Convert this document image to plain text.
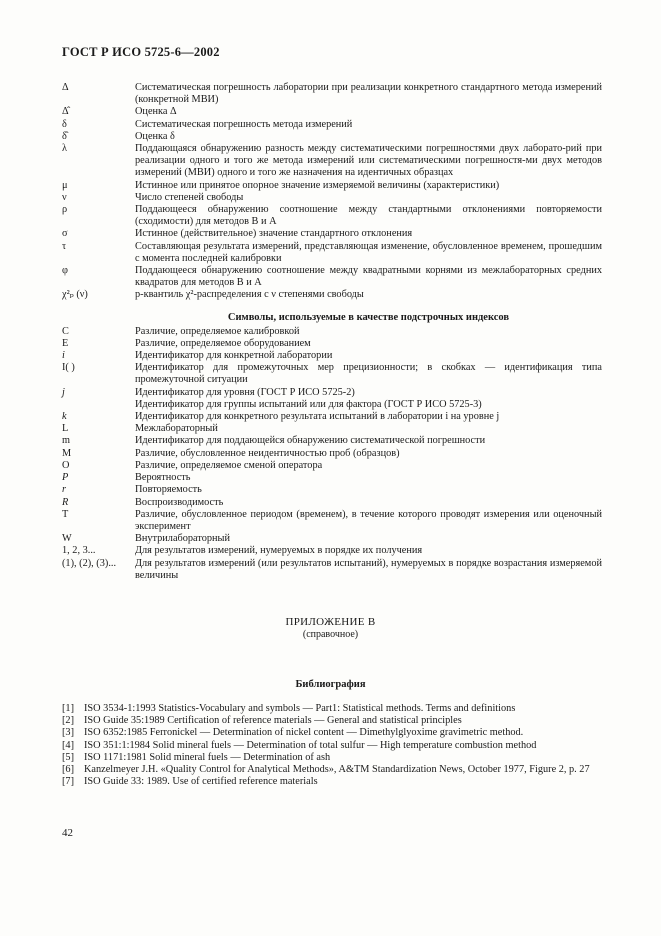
ГОСТ Р ИСО 5725-6—2002
Δ	Систематическая погрешность лаборатории при реализации конкретного стандартного метода измерений (конкретной МВИ)
Δ̂	Оценка Δ
δ	Систематическая погрешность метода измерений
δ̂	Оценка δ
λ	Поддающаяся обнаружению разность между систематическими погрешностями двух лаборато-рий при реализации одного и того же метода измерений или систематическими погрешностя-ми двух методов измерений (МВИ) одного и того же назначения на идентичных образцах
μ	Истинное или принятое опорное значение измеряемой величины (характеристики)
ν	Число степеней свободы
ρ	Поддающееся обнаружению соотношение между стандартными отклонениями повторяемости (сходимости) для методов В и А
σ	Истинное (действительное) значение стандартного отклонения
τ	Составляющая результата измерений, представляющая изменение, обусловленное временем, прошедшим с момента последней калибровки
φ	Поддающееся обнаружению соотношение между квадратными корнями из межлабораторных средних квадратов для методов В и А
χ²ₚ (ν)	p-квантиль χ²-распределения с ν степенями свободы
Символы, используемые в качестве подстрочных индексов
C	Различие, определяемое калибровкой
E	Различие, определяемое оборудованием
i	Идентификатор для конкретной лаборатории
I( )	Идентификатор для промежуточных мер прецизионности; в скобках — идентификация типа промежуточной ситуации
j	Идентификатор для уровня (ГОСТ Р ИСО 5725-2)
Идентификатор для группы испытаний или для фактора (ГОСТ Р ИСО 5725-3)
k	Идентификатор для конкретного результата испытаний в лаборатории i на уровне j
L	Межлабораторный
m	Идентификатор для поддающейся обнаружению систематической погрешности
M	Различие, обусловленное неидентичностью проб (образцов)
O	Различие, определяемое сменой оператора
P	Вероятность
r	Повторяемость
R	Воспроизводимость
T	Различие, обусловленное периодом (временем), в течение которого проводят измерения или оценочный эксперимент
W	Внутрилабораторный
1, 2, 3...	Для результатов измерений, нумеруемых в порядке их получения
(1), (2), (3)...	Для результатов измерений (или результатов испытаний), нумеруемых в порядке возрастания измеряемой величины
ПРИЛОЖЕНИЕ В
(справочное)
Библиография
[1] ISO 3534-1:1993 Statistics-Vocabulary and symbols — Part1: Statistical methods. Terms and definitions
[2] ISO Guide 35:1989 Certification of reference materials — General and statistical principles
[3] ISO 6352:1985 Ferronickel — Determination of nickel content — Dimethylglyoxime gravimetric method.
[4] ISO 351:1:1984 Solid mineral fuels — Determination of total sulfur — High temperature combustion method
[5] ISO 1171:1981 Solid mineral fuels — Determination of ash
[6] Kanzelmeyer J.H. «Quality Control for Analytical Methods», A&TM Standardization News, October 1977, Figure 2, p. 27
[7] ISO Guide 33: 1989. Use of certified reference materials
42
